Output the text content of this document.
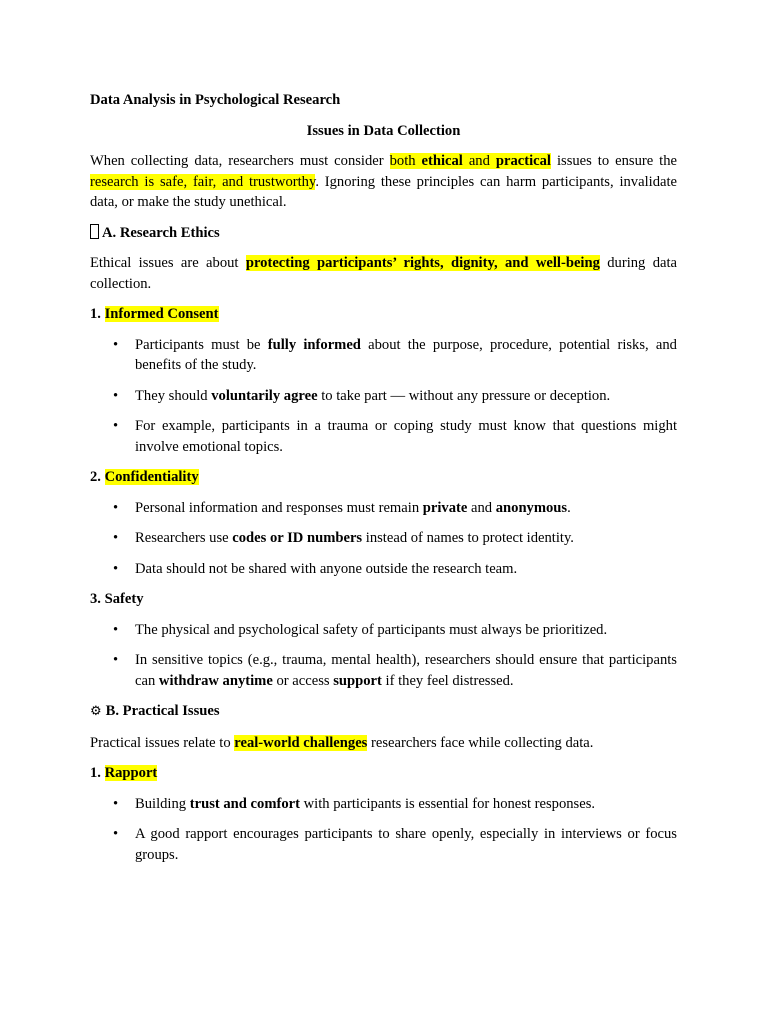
Data Analysis in Psychological Research

Issues in Data Collection

When collecting data, researchers must consider both ethical and practical issues to ensure the research is safe, fair, and trustworthy. Ignoring these principles can harm participants, invalidate data, or make the study unethical.

A. Research Ethics

Ethical issues are about protecting participants’ rights, dignity, and well-being during data collection.

1. Informed Consent

• Participants must be fully informed about the purpose, procedure, potential risks, and benefits of the study.
• They should voluntarily agree to take part — without any pressure or deception.
• For example, participants in a trauma or coping study must know that questions might involve emotional topics.

2. Confidentiality

• Personal information and responses must remain private and anonymous.
• Researchers use codes or ID numbers instead of names to protect identity.
• Data should not be shared with anyone outside the research team.

3. Safety

• The physical and psychological safety of participants must always be prioritized.
• In sensitive topics (e.g., trauma, mental health), researchers should ensure that participants can withdraw anytime or access support if they feel distressed.

⚙ B. Practical Issues

Practical issues relate to real-world challenges researchers face while collecting data.

1. Rapport

• Building trust and comfort with participants is essential for honest responses.
• A good rapport encourages participants to share openly, especially in interviews or focus groups.
